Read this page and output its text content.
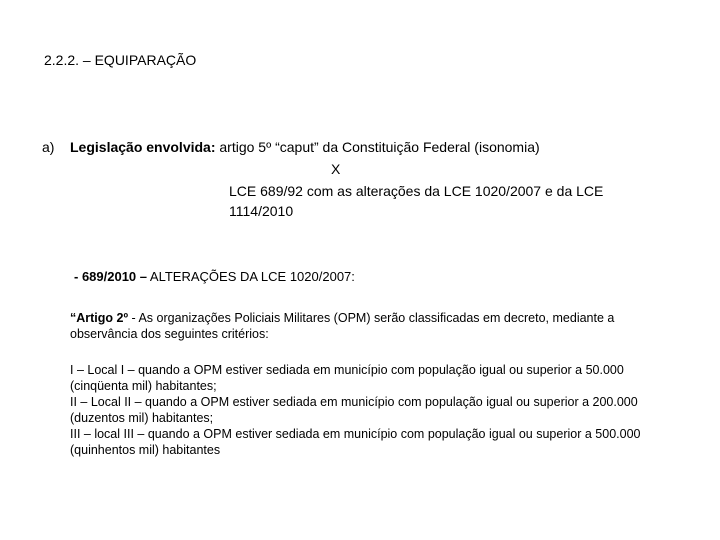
2.2.2. – EQUIPARAÇÃO
a) Legislação envolvida: artigo 5º “caput” da Constituição Federal (isonomia)
X
LCE 689/92 com as alterações da LCE 1020/2007 e da LCE
1114/2010
- 689/2010 – ALTERAÇÕES DA LCE 1020/2007:
“Artigo 2º - As organizações Policiais Militares (OPM) serão classificadas em decreto, mediante a
observância dos seguintes critérios:
I – Local I – quando a OPM estiver sediada em município com população igual ou superior a 50.000
(cinqüenta mil) habitantes;
II – Local II – quando a OPM estiver sediada em município com população igual ou superior a 200.000
(duzentos mil) habitantes;
III – local III – quando a OPM estiver sediada em município com população igual ou superior a 500.000
(quinhentos mil) habitantes
